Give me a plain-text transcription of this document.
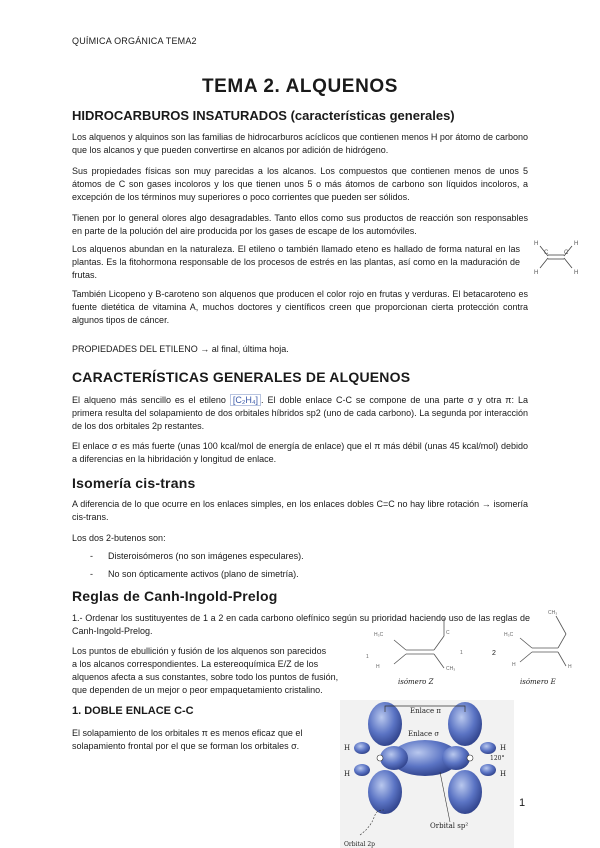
QUÍMICA ORGÁNICA TEMA2
TEMA 2. ALQUENOS
HIDROCARBUROS INSATURADOS (características generales)
Los alquenos y alquinos son las familias de hidrocarburos acíclicos que contienen menos H por átomo de carbono que los alcanos y que pueden convertirse en alcanos por adición de hidrógeno.
Sus propiedades físicas son muy parecidas a los alcanos. Los compuestos que contienen menos de unos 5 átomos de C son gases incoloros y los que tienen unos 5 o más átomos de carbono son líquidos incoloros, a excepción de los términos muy superiores o poco corrientes que pueden ser sólidos.
Tienen por lo general olores algo desagradables. Tanto ellos como sus productos de reacción son responsables en parte de la polución del aire producida por los gases de escape de los automóviles.
Los alquenos abundan en la naturaleza. El etileno o también llamado eteno es hallado de forma natural en las plantas. Es la fitohormona responsable de los procesos de estrés en las plantas, así como en la maduración de frutas.
H
H
H
H
C	C
También Licopeno y B-caroteno son alquenos que producen el color rojo en frutas y verduras. El betacaroteno es fuente dietética de vitamina A, muchos doctores y científicos creen que proporcionan cierta protección contra algunos tipos de cáncer.
PROPIEDADES DEL ETILENO → al final, última hoja.
CARACTERÍSTICAS GENERALES DE ALQUENOS
El alqueno más sencillo es el etileno [C₂H₄] . El doble enlace C-C se compone de una parte σ y otra π: La primera resulta del solapamiento de dos orbitales híbridos sp2 (uno de cada carbono). La segunda por interacción de los dos orbitales 2p restantes.
El enlace σ es más fuerte (unas 100 kcal/mol de energía de enlace) que el π más débil (unas 45 kcal/mol) debido a diferencias en la hibridación y longitud de enlace.
Isomería cis-trans
A diferencia de lo que ocurre en los enlaces simples, en los enlaces dobles C=C no hay libre rotación → isomería cis-trans.
Los dos 2-butenos son:
- Disteroisómeros (no son imágenes especulares).
- No son ópticamente activos (plano de simetría).
Reglas de Canh-Ingold-Prelog
1.- Ordenar los sustituyentes de 1 a 2 en cada carbono olefínico según su prioridad haciendo uso de las reglas de Canh-Ingold-Prelog.
Los puntos de ebullición y fusión de los alquenos son parecidos
a los alcanos correspondientes. La estereoquímica E/Z de los
alquenos afecta a sus constantes, sobre todo los puntos de fusión,
que dependen de un mejor o peor empaquetamiento cristalino.
H₃C
1
H
C
CH₃
1
isómero Z
2
H₃C
H	H
CH₃
isómero E
1. DOBLE ENLACE C-C
El solapamiento de los orbitales π es menos eficaz que el
solapamiento frontal por el que se forman los orbitales σ.
Enlace π
Enlace σ
H
H
H
H
120°
Orbital sp²
Orbital 2p
1
